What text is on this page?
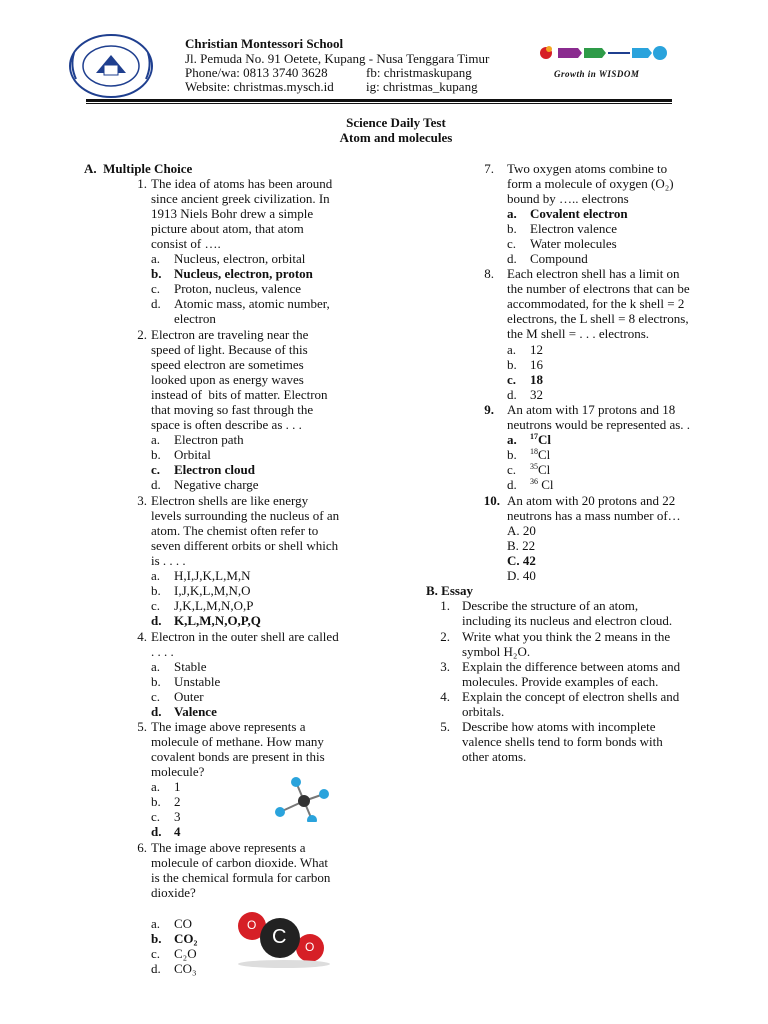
Christian Montessori School
Jl. Pemuda No. 91 Oetete, Kupang - Nusa Tenggara Timur
Phone/wa: 0813 3740 3628	fb: christmaskupang
Website: christmas.mysch.id ig: christmas_kupang
Growth in WISDOM
Science Daily Test
Atom and molecules
A.  Multiple Choice
1. The idea of atoms has been around
since ancient greek civilization. In
1913 Niels Bohr drew a simple
picture about atom, that atom
consist of ….
a. Nucleus, electron, orbital
b. Nucleus, electron, proton
c. Proton, nucleus, valence
d. Atomic mass, atomic number,
electron
2. Electron are traveling near the
speed of light. Because of this
speed electron are sometimes
looked upon as energy waves
instead of  bits of matter. Electron
that moving so fast through the
space is often describe as . . .
a. Electron path
b. Orbital
c. Electron cloud
d. Negative charge
3. Electron shells are like energy
levels surrounding the nucleus of an
atom. The chemist often refer to
seven different orbits or shell which
is . . . .
a. H,I,J,K,L,M,N
b. I,J,K,L,M,N,O
c. J,K,L,M,N,O,P
d. K,L,M,N,O,P,Q
4. Electron in the outer shell are called
. . . .
a. Stable
b. Unstable
c. Outer
d. Valence
5. The image above represents a
molecule of methane. How many
covalent bonds are present in this
molecule?
a. 1
b. 2
c. 3
d. 4
6. The image above represents a
molecule of carbon dioxide. What
is the chemical formula for carbon
dioxide?
a. CO
b. CO₂
c. C₂O
d. CO₃
O
C O
7. Two oxygen atoms combine to
form a molecule of oxygen (O₂)
bound by ….. electrons
a. Covalent electron
b. Electron valence
c. Water molecules
d. Compound
8. Each electron shell has a limit on
the number of electrons that can be
accommodated, for the k shell = 2
electrons, the L shell = 8 electrons,
the M shell = . . . electrons.
a. 12
b. 16
c. 18
d. 32
9. An atom with 17 protons and 18
neutrons would be represented as. .
a. $^{17}$Cl
b. $^{18}$Cl
c. $^{35}$Cl
d. $^{36}$ Cl
10. An atom with 20 protons and 22
neutrons has a mass number of…
A. 20
B. 22
C. 42
D. 40
B. Essay
1. Describe the structure of an atom,
including its nucleus and electron cloud.
2. Write what you think the 2 means in the
symbol H₂O.
3. Explain the difference between atoms and
molecules. Provide examples of each.
4. Explain the concept of electron shells and
orbitals.
5. Describe how atoms with incomplete
valence shells tend to form bonds with
other atoms.
